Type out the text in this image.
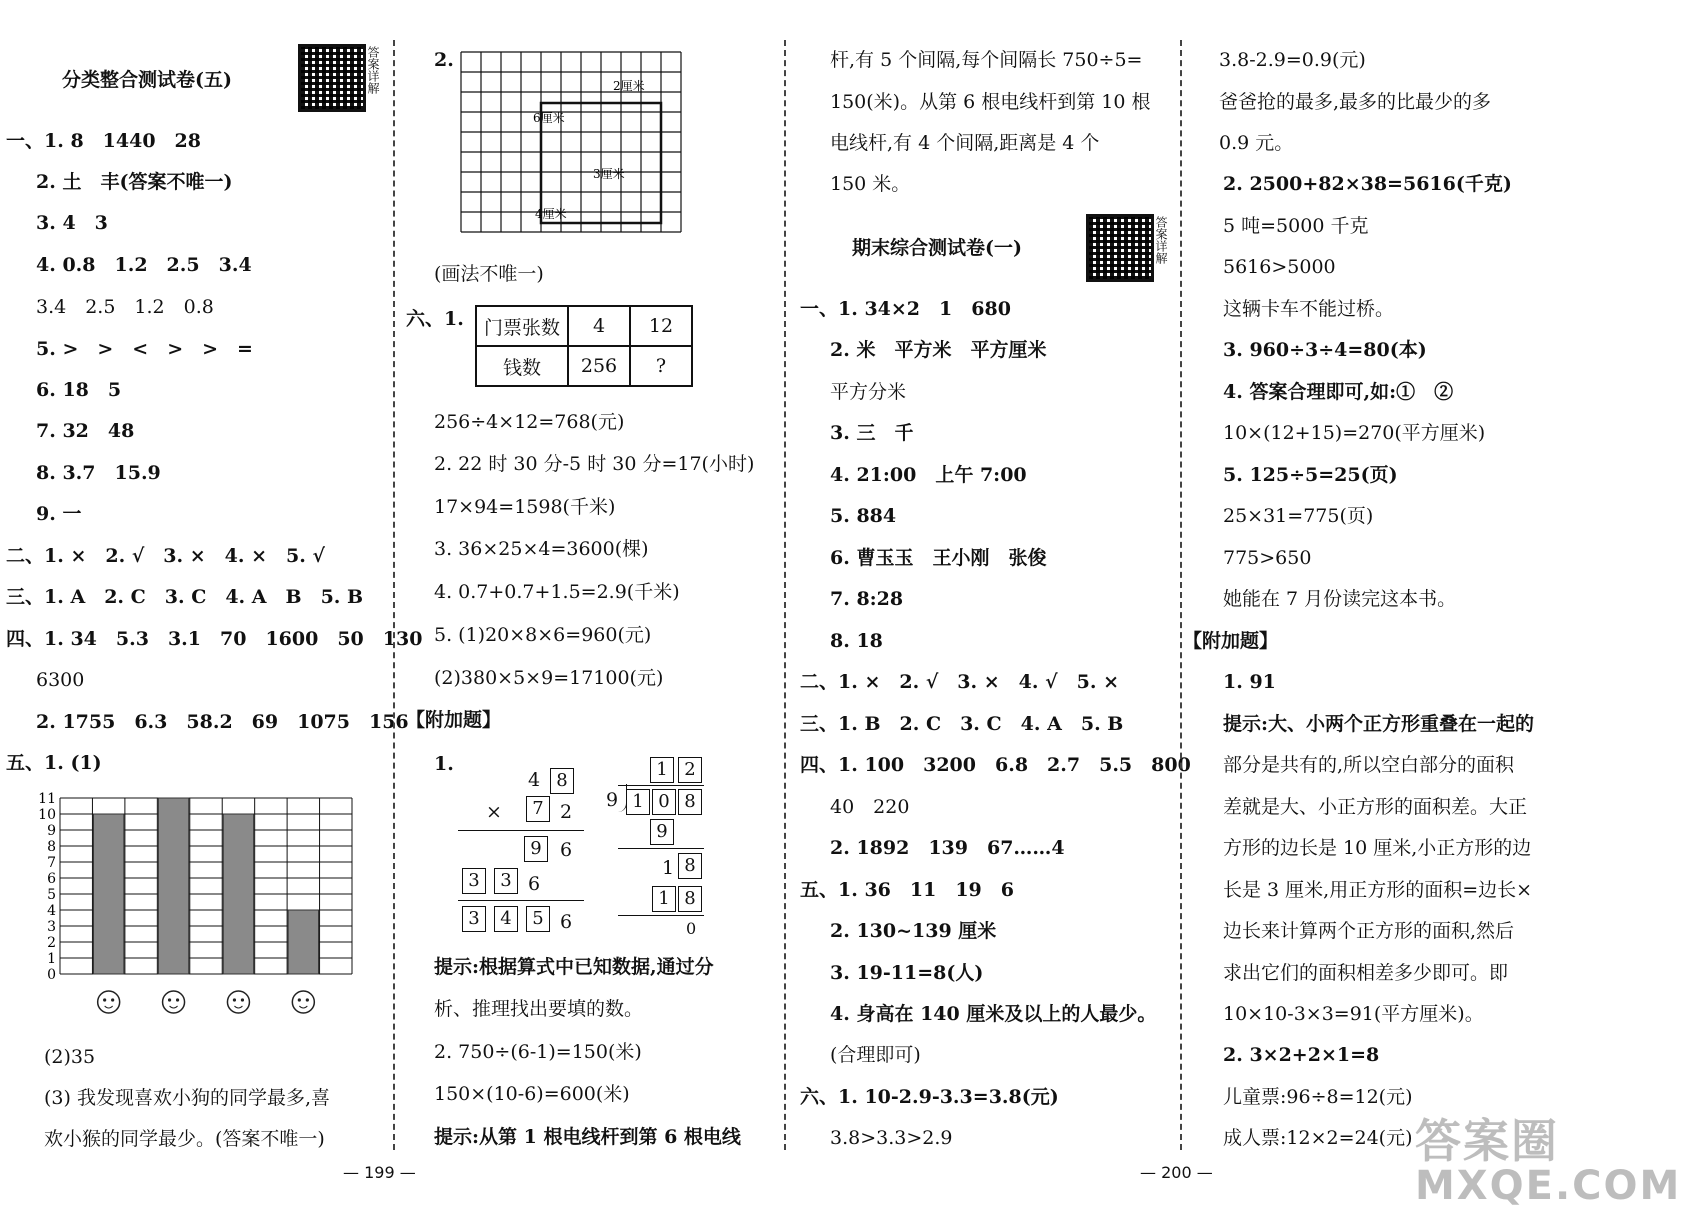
分类整合测试卷(五)	答案详解
一、1. 8　1440　28
2. 土　丰(答案不唯一)
3. 4　3
4. 0.8　1.2　2.5　3.4
3.4　2.5　1.2　0.8
5. >　>　<　>　>　=
6. 18　5
7. 32　48
8. 3.7　15.9
9. 一
二、1. ×　2. √　3. ×　4. ×　5. √
三、1. A　2. C　3. C　4. A　B　5. B
四、1. 34　5.3　3.1　70　1600　50　130
6300
2. 1755　6.3　58.2　69　1075　156
五、1. (1)
0
1
2
3
4
5
6
7
8
9
10
11
(2)35
(3) 我发现喜欢小狗的同学最多,喜
欢小猴的同学最少。(答案不唯一)
2.
2厘米
6厘米
3厘米
4厘米
(画法不唯一)
六、1. 门票张数	4	12
钱数	256	?
256÷4×12=768(元)
2. 22 时 30 分-5 时 30 分=17(小时)
17×94=1598(千米)
3. 36×25×4=3600(棵)
4. 0.7+0.7+1.5=2.9(千米)
5. (1)20×8×6=960(元)
(2)380×5×9=17100(元)
【附加题】
1.
4 8
×	7 2
9 6
3	3 6
3	4	5 6
1 2
9 1 0 8
9
1 8
1 8
0
提示:根据算式中已知数据,通过分
析、推理找出要填的数。
2. 750÷(6-1)=150(米)
150×(10-6)=600(米)
提示:从第 1 根电线杆到第 6 根电线
杆,有 5 个间隔,每个间隔长 750÷5=
150(米)。从第 6 根电线杆到第 10 根
电线杆,有 4 个间隔,距离是 4 个
150 米。
期末综合测试卷(一)	答案详解
一、1. 34×2　1　680
2. 米　平方米　平方厘米
平方分米
3. 三　千
4. 21:00　上午 7:00
5. 884
6. 曹玉玉　王小刚　张俊
7. 8:28
8. 18
二、1. ×　2. √　3. ×　4. √　5. ×
三、1. B　2. C　3. C　4. A　5. B
四、1. 100　3200　6.8　2.7　5.5　800
40　220
2. 1892　139　67……4
五、1. 36　11　19　6
2. 130~139 厘米
3. 19-11=8(人)
4. 身高在 140 厘米及以上的人最少。
(合理即可)
六、1. 10-2.9-3.3=3.8(元)
3.8>3.3>2.9
3.8-2.9=0.9(元)
爸爸抢的最多,最多的比最少的多
0.9 元。
2. 2500+82×38=5616(千克)
5 吨=5000 千克
5616>5000
这辆卡车不能过桥。
3. 960÷3÷4=80(本)
4. 答案合理即可,如:①　②
10×(12+15)=270(平方厘米)
5. 125÷5=25(页)
25×31=775(页)
775>650
她能在 7 月份读完这本书。
【附加题】
1. 91
提示:大、小两个正方形重叠在一起的
部分是共有的,所以空白部分的面积
差就是大、小正方形的面积差。大正
方形的边长是 10 厘米,小正方形的边
长是 3 厘米,用正方形的面积=边长×
边长来计算两个正方形的面积,然后
求出它们的面积相差多少即可。即
10×10-3×3=91(平方厘米)。
2. 3×2+2×1=8
儿童票:96÷8=12(元)
成人票:12×2=24(元)
— 199 —	— 200 —
答案圈
MXQE.COM
